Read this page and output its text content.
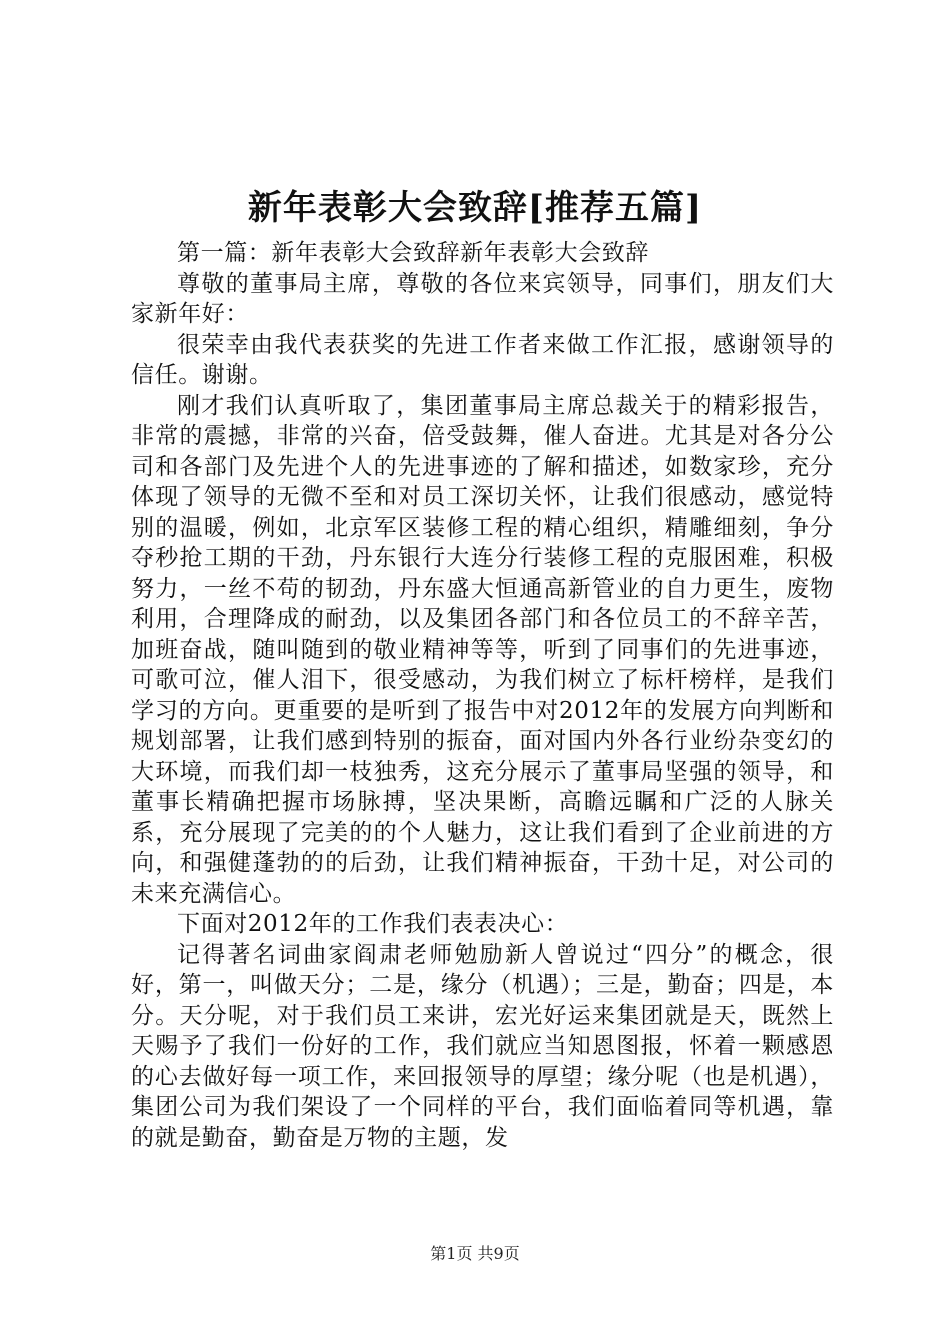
新年表彰大会致辞[推荐五篇]

第一篇：新年表彰大会致辞新年表彰大会致辞

尊敬的董事局主席，尊敬的各位来宾领导，同事们，朋友们大家新年好：

很荣幸由我代表获奖的先进工作者来做工作汇报，感谢领导的信任。谢谢。

刚才我们认真听取了，集团董事局主席总裁关于的精彩报告，非常的震撼，非常的兴奋，倍受鼓舞，催人奋进。尤其是对各分公司和各部门及先进个人的先进事迹的了解和描述，如数家珍，充分体现了领导的无微不至和对员工深切关怀，让我们很感动，感觉特别的温暖，例如，北京军区装修工程的精心组织，精雕细刻，争分夺秒抢工期的干劲，丹东银行大连分行装修工程的克服困难，积极努力，一丝不苟的韧劲，丹东盛大恒通高新管业的自力更生，废物利用，合理降成的耐劲，以及集团各部门和各位员工的不辞辛苦，加班奋战，随叫随到的敬业精神等等，听到了同事们的先进事迹，可歌可泣，催人泪下，很受感动，为我们树立了标杆榜样，是我们学习的方向。更重要的是听到了报告中对2012年的发展方向判断和规划部署，让我们感到特别的振奋，面对国内外各行业纷杂变幻的大环境，而我们却一枝独秀，这充分展示了董事局坚强的领导，和董事长精确把握市场脉搏，坚决果断，高瞻远瞩和广泛的人脉关系，充分展现了完美的的个人魅力，这让我们看到了企业前进的方向，和强健蓬勃的的后劲，让我们精神振奋，干劲十足，对公司的未来充满信心。

下面对2012年的工作我们表表决心：

记得著名词曲家阎肃老师勉励新人曾说过“四分”的概念，很好，第一，叫做天分；二是，缘分（机遇）；三是，勤奋；四是，本分。天分呢，对于我们员工来讲，宏光好运来集团就是天，既然上天赐予了我们一份好的工作，我们就应当知恩图报，怀着一颗感恩的心去做好每一项工作，来回报领导的厚望；缘分呢（也是机遇），集团公司为我们架设了一个同样的平台，我们面临着同等机遇，靠的就是勤奋，勤奋是万物的主题，发

第1页 共9页
